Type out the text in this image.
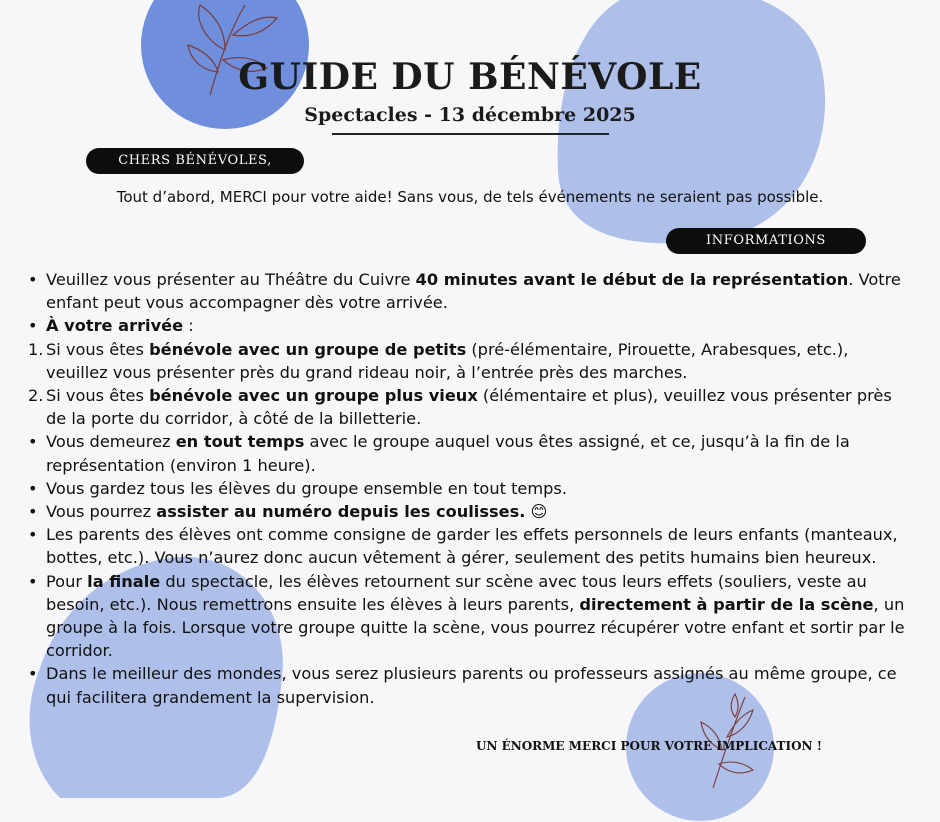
GUIDE DU BÉNÉVOLE
Spectacles - 13 décembre 2025
CHERS BÉNÉVOLES,
Tout d’abord, MERCI pour votre aide! Sans vous, de tels événements ne seraient pas possible.
INFORMATIONS
• Veuillez vous présenter au Théâtre du Cuivre 40 minutes avant le début de la représentation. Votre enfant peut vous accompagner dès votre arrivée.
• À votre arrivée :
1. Si vous êtes bénévole avec un groupe de petits (pré-élémentaire, Pirouette, Arabesques, etc.), veuillez vous présenter près du grand rideau noir, à l’entrée près des marches.
2. Si vous êtes bénévole avec un groupe plus vieux (élémentaire et plus), veuillez vous présenter près de la porte du corridor, à côté de la billetterie.
• Vous demeurez en tout temps avec le groupe auquel vous êtes assigné, et ce, jusqu’à la fin de la représentation (environ 1 heure).
• Vous gardez tous les élèves du groupe ensemble en tout temps.
• Vous pourrez assister au numéro depuis les coulisses. 😊
• Les parents des élèves ont comme consigne de garder les effets personnels de leurs enfants (manteaux, bottes, etc.). Vous n’aurez donc aucun vêtement à gérer, seulement des petits humains bien heureux.
• Pour la finale du spectacle, les élèves retournent sur scène avec tous leurs effets (souliers, veste au besoin, etc.). Nous remettrons ensuite les élèves à leurs parents, directement à partir de la scène, un groupe à la fois. Lorsque votre groupe quitte la scène, vous pourrez récupérer votre enfant et sortir par le corridor.
• Dans le meilleur des mondes, vous serez plusieurs parents ou professeurs assignés au même groupe, ce qui facilitera grandement la supervision.
UN ÉNORME MERCI POUR VOTRE IMPLICATION !
